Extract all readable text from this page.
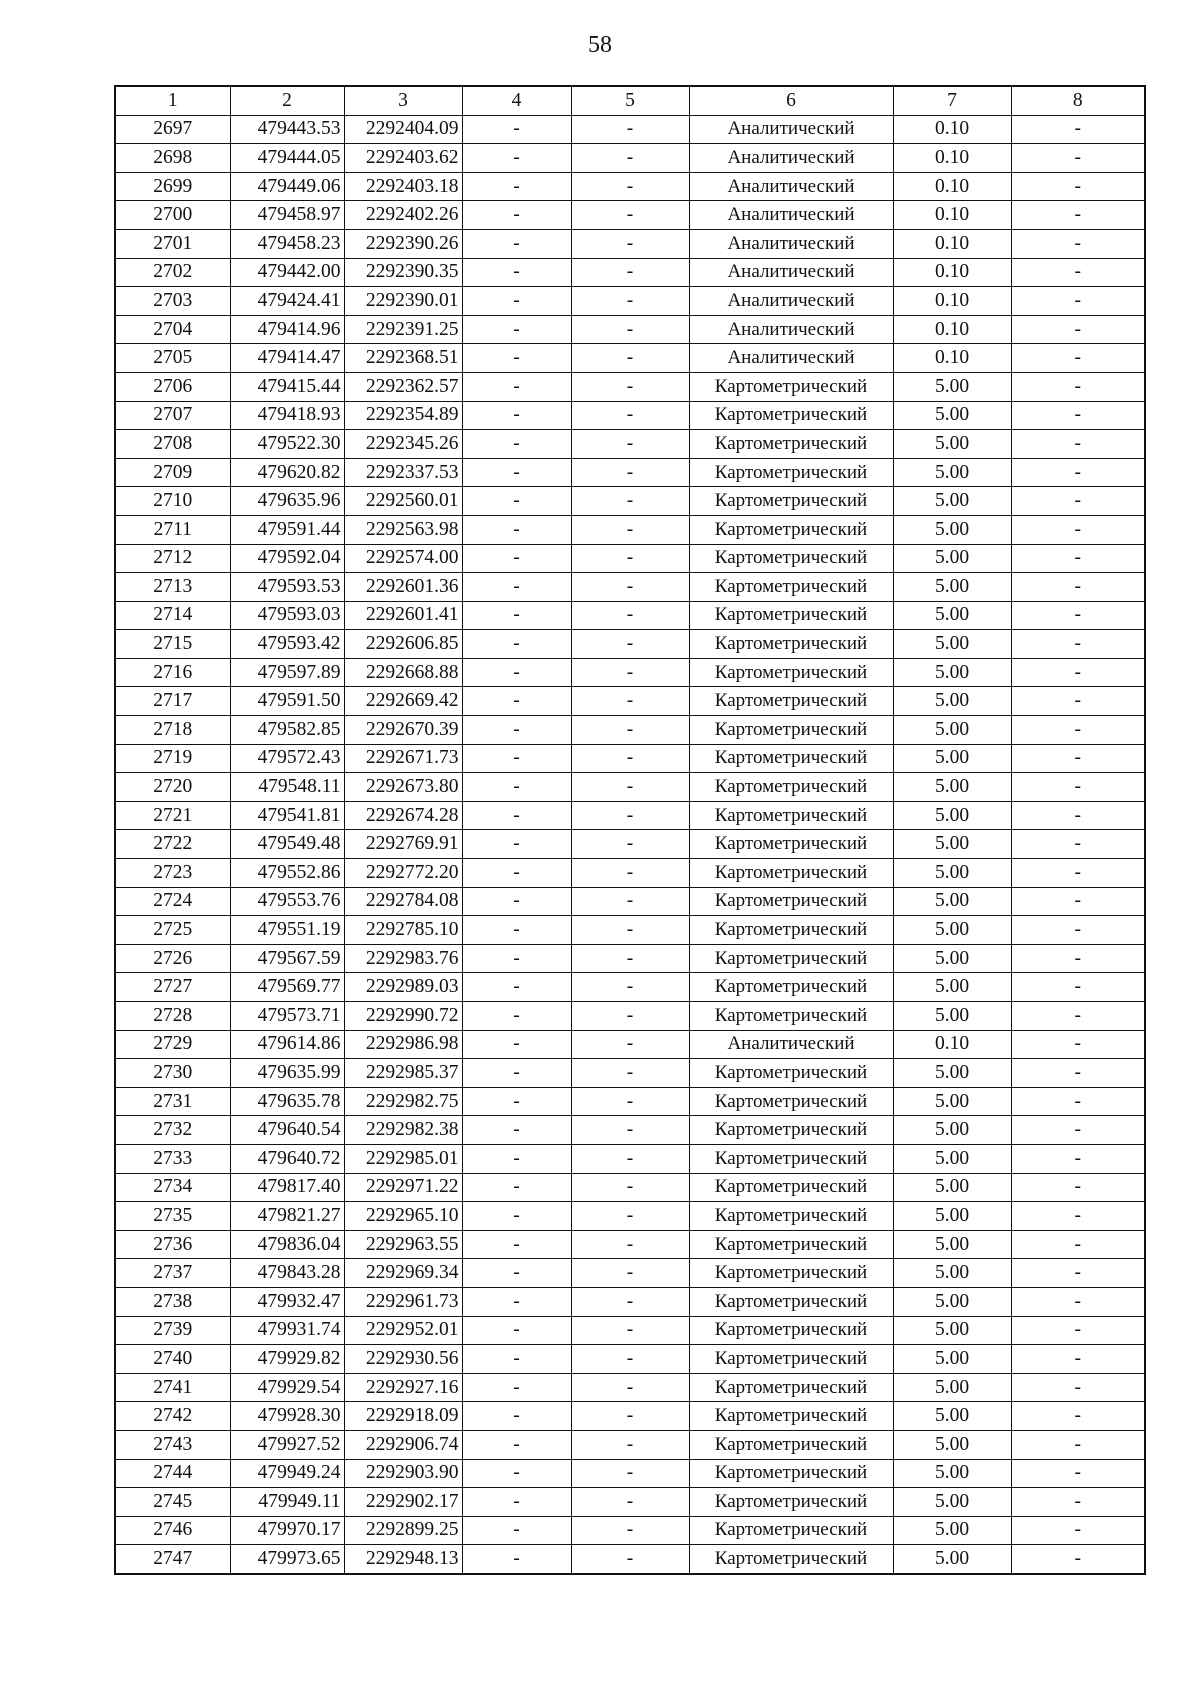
58
1	2	3	4	5	6	7	8
2697	479443.53	2292404.09	-	-	Аналитический	0.10	-
2698	479444.05	2292403.62	-	-	Аналитический	0.10	-
2699	479449.06	2292403.18	-	-	Аналитический	0.10	-
2700	479458.97	2292402.26	-	-	Аналитический	0.10	-
2701	479458.23	2292390.26	-	-	Аналитический	0.10	-
2702	479442.00	2292390.35	-	-	Аналитический	0.10	-
2703	479424.41	2292390.01	-	-	Аналитический	0.10	-
2704	479414.96	2292391.25	-	-	Аналитический	0.10	-
2705	479414.47	2292368.51	-	-	Аналитический	0.10	-
2706	479415.44	2292362.57	-	-	Картометрический	5.00	-
2707	479418.93	2292354.89	-	-	Картометрический	5.00	-
2708	479522.30	2292345.26	-	-	Картометрический	5.00	-
2709	479620.82	2292337.53	-	-	Картометрический	5.00	-
2710	479635.96	2292560.01	-	-	Картометрический	5.00	-
2711	479591.44	2292563.98	-	-	Картометрический	5.00	-
2712	479592.04	2292574.00	-	-	Картометрический	5.00	-
2713	479593.53	2292601.36	-	-	Картометрический	5.00	-
2714	479593.03	2292601.41	-	-	Картометрический	5.00	-
2715	479593.42	2292606.85	-	-	Картометрический	5.00	-
2716	479597.89	2292668.88	-	-	Картометрический	5.00	-
2717	479591.50	2292669.42	-	-	Картометрический	5.00	-
2718	479582.85	2292670.39	-	-	Картометрический	5.00	-
2719	479572.43	2292671.73	-	-	Картометрический	5.00	-
2720	479548.11	2292673.80	-	-	Картометрический	5.00	-
2721	479541.81	2292674.28	-	-	Картометрический	5.00	-
2722	479549.48	2292769.91	-	-	Картометрический	5.00	-
2723	479552.86	2292772.20	-	-	Картометрический	5.00	-
2724	479553.76	2292784.08	-	-	Картометрический	5.00	-
2725	479551.19	2292785.10	-	-	Картометрический	5.00	-
2726	479567.59	2292983.76	-	-	Картометрический	5.00	-
2727	479569.77	2292989.03	-	-	Картометрический	5.00	-
2728	479573.71	2292990.72	-	-	Картометрический	5.00	-
2729	479614.86	2292986.98	-	-	Аналитический	0.10	-
2730	479635.99	2292985.37	-	-	Картометрический	5.00	-
2731	479635.78	2292982.75	-	-	Картометрический	5.00	-
2732	479640.54	2292982.38	-	-	Картометрический	5.00	-
2733	479640.72	2292985.01	-	-	Картометрический	5.00	-
2734	479817.40	2292971.22	-	-	Картометрический	5.00	-
2735	479821.27	2292965.10	-	-	Картометрический	5.00	-
2736	479836.04	2292963.55	-	-	Картометрический	5.00	-
2737	479843.28	2292969.34	-	-	Картометрический	5.00	-
2738	479932.47	2292961.73	-	-	Картометрический	5.00	-
2739	479931.74	2292952.01	-	-	Картометрический	5.00	-
2740	479929.82	2292930.56	-	-	Картометрический	5.00	-
2741	479929.54	2292927.16	-	-	Картометрический	5.00	-
2742	479928.30	2292918.09	-	-	Картометрический	5.00	-
2743	479927.52	2292906.74	-	-	Картометрический	5.00	-
2744	479949.24	2292903.90	-	-	Картометрический	5.00	-
2745	479949.11	2292902.17	-	-	Картометрический	5.00	-
2746	479970.17	2292899.25	-	-	Картометрический	5.00	-
2747	479973.65	2292948.13	-	-	Картометрический	5.00	-
